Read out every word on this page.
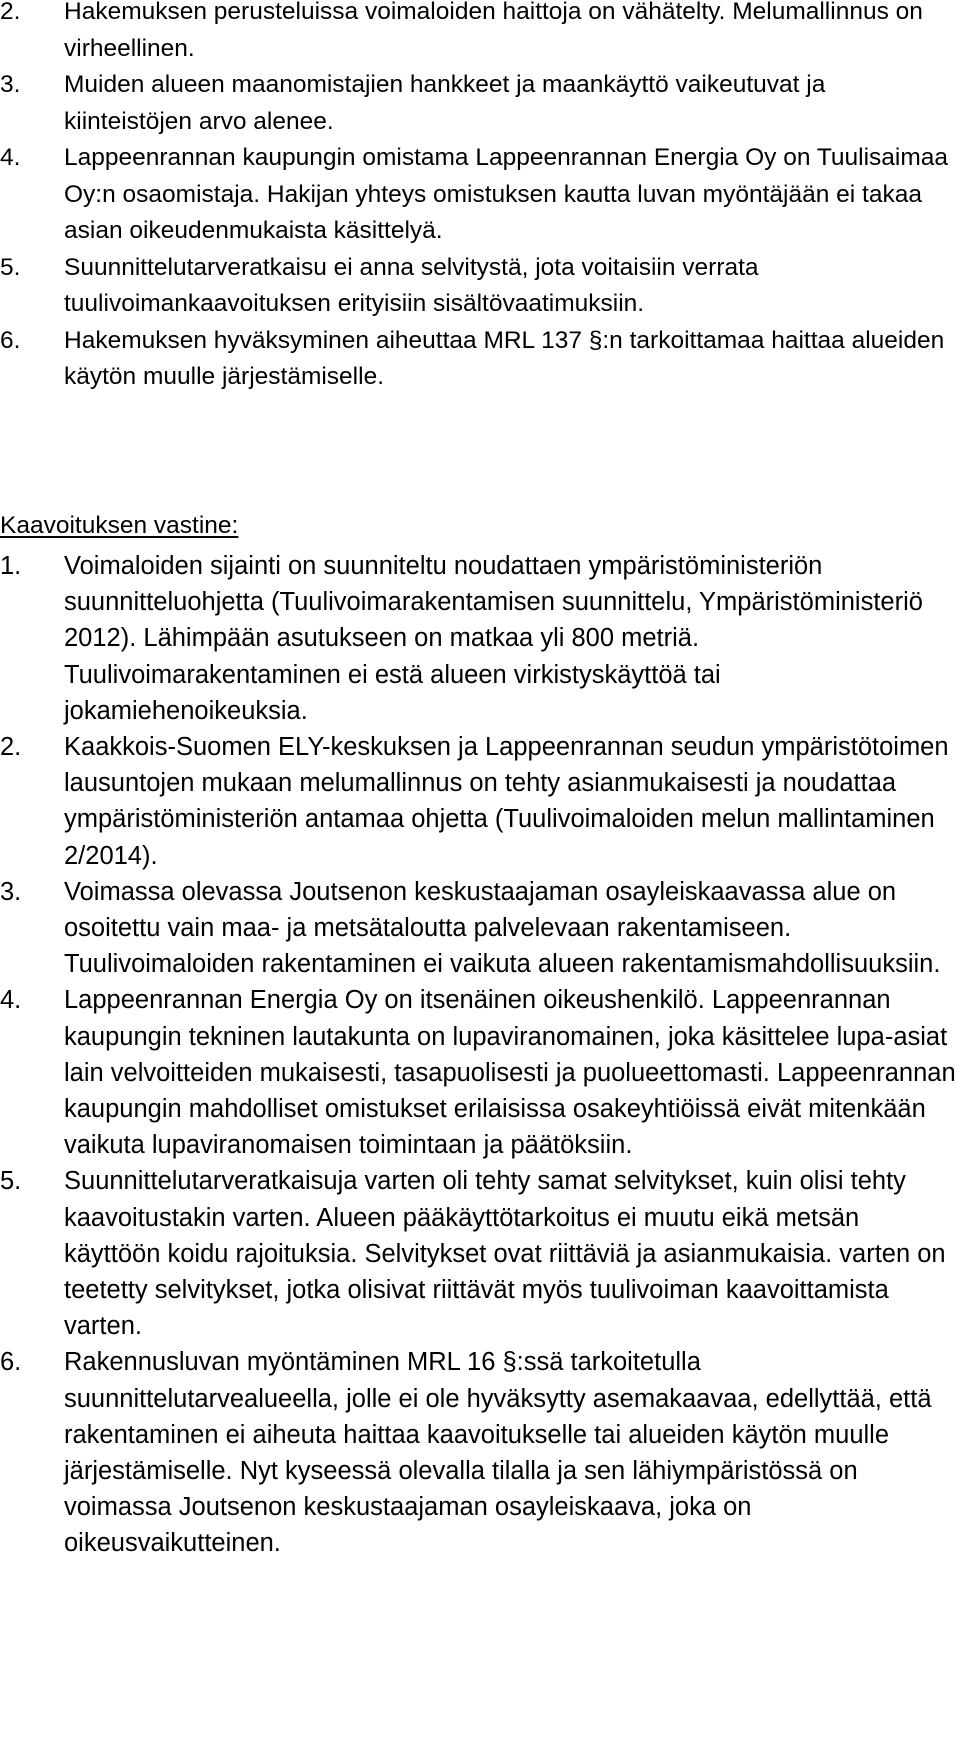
2. Hakemuksen perusteluissa voimaloiden haittoja on vähätelty. Melumallinnus on virheellinen.
3. Muiden alueen maanomistajien hankkeet ja maankäyttö vaikeutuvat ja kiinteistöjen arvo alenee.
4. Lappeenrannan kaupungin omistama Lappeenrannan Energia Oy on Tuulisaimaa Oy:n osaomistaja. Hakijan yhteys omistuksen kautta luvan myöntäjään ei takaa asian oikeudenmukaista käsittelyä.
5. Suunnittelutarveratkaisu ei anna selvitystä, jota voitaisiin verrata tuulivoimankaavoituksen erityisiin sisältövaatimuksiin.
6. Hakemuksen hyväksyminen aiheuttaa MRL 137 §:n tarkoittamaa haittaa alueiden käytön muulle järjestämiselle.
Kaavoituksen vastine:
1. Voimaloiden sijainti on suunniteltu noudattaen ympäristöministeriön suunnitteluohjetta (Tuulivoimarakentamisen suunnittelu, Ympäristöministeriö 2012). Lähimpään asutukseen on matkaa yli 800 metriä. Tuulivoimarakentaminen ei estä alueen virkistyskäyttöä tai jokamiehenoikeuksia.
2. Kaakkois-Suomen ELY-keskuksen ja Lappeenrannan seudun ympäristötoimen lausuntojen mukaan melumallinnus on tehty asianmukaisesti ja noudattaa ympäristöministeriön antamaa ohjetta (Tuulivoimaloiden melun mallintaminen 2/2014).
3. Voimassa olevassa Joutsenon keskustaajaman osayleiskaavassa alue on osoitettu vain maa- ja metsätaloutta palvelevaan rakentamiseen. Tuulivoimaloiden rakentaminen ei vaikuta alueen rakentamismahdollisuuksiin.
4. Lappeenrannan Energia Oy on itsenäinen oikeushenkilö. Lappeenrannan kaupungin tekninen lautakunta on lupaviranomainen, joka käsittelee lupa-asiat lain velvoitteiden mukaisesti, tasapuolisesti ja puolueettomasti. Lappeenrannan kaupungin mahdolliset omistukset erilaisissa osakeyhtiöissä eivät mitenkään vaikuta lupaviranomaisen toimintaan ja päätöksiin.
5. Suunnittelutarveratkaisuja varten oli tehty samat selvitykset, kuin olisi tehty kaavoitustakin varten. Alueen pääkäyttötarkoitus ei muutu eikä metsän käyttöön koidu rajoituksia. Selvitykset ovat riittäviä ja asianmukaisia. varten on teetetty selvitykset, jotka olisivat riittävät myös tuulivoiman kaavoittamista varten.
6. Rakennusluvan myöntäminen MRL 16 §:ssä tarkoitetulla suunnittelutarvealueella, jolle ei ole hyväksytty asemakaavaa, edellyttää, että rakentaminen ei aiheuta haittaa kaavoitukselle tai alueiden käytön muulle järjestämiselle. Nyt kyseessä olevalla tilalla ja sen lähiympäristössä on voimassa Joutsenon keskustaajaman osayleiskaava, joka on oikeusvaikutteinen.
